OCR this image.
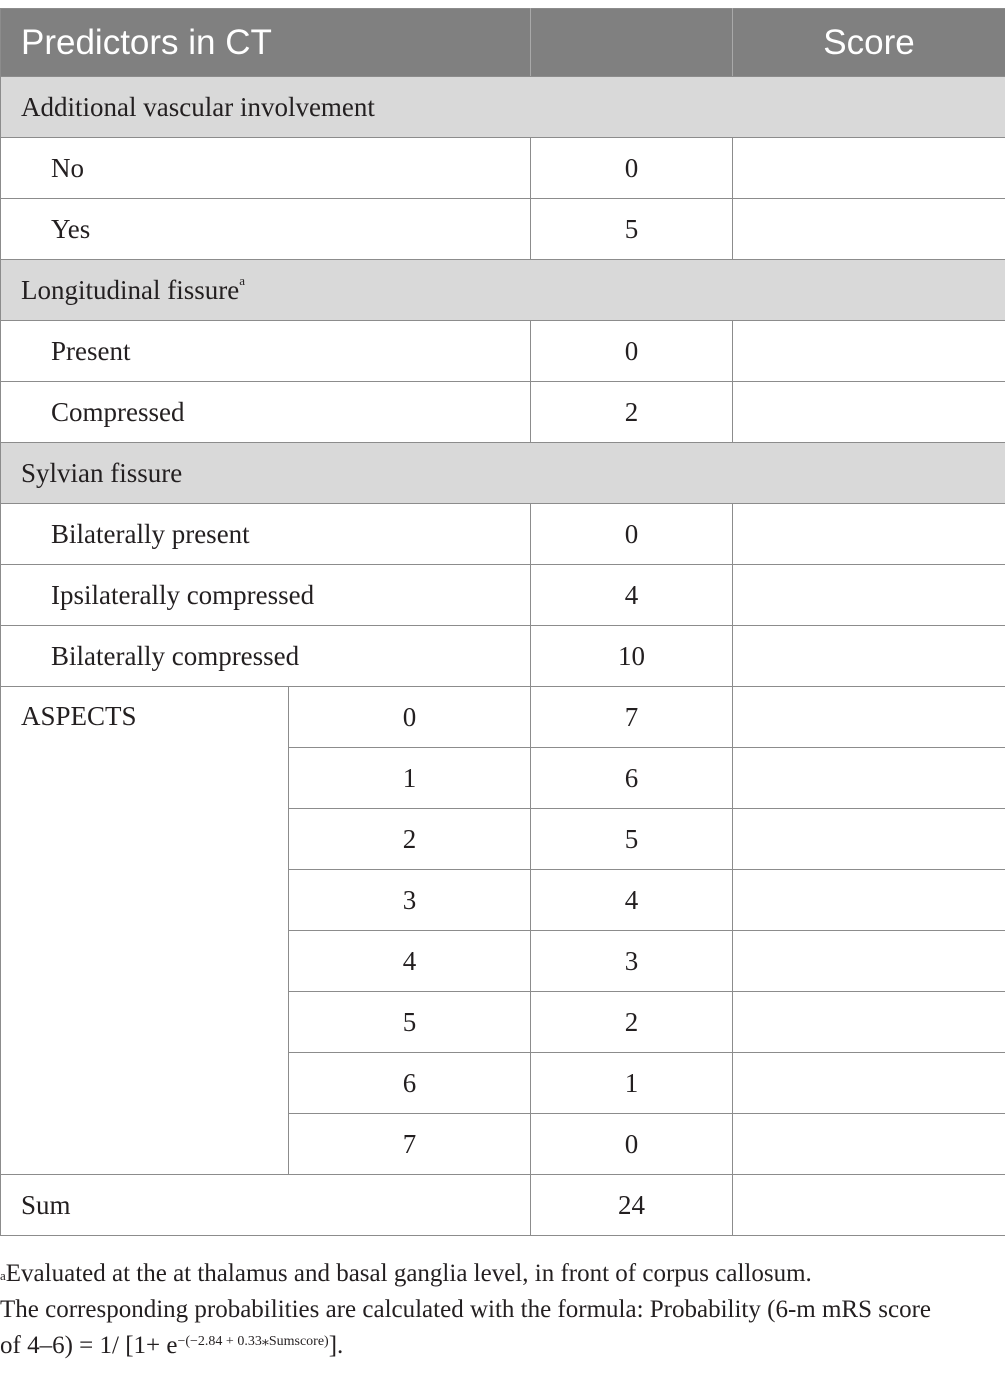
Predictors in CT			Score
Additional vascular involvement			
No		0	
Yes		5	
Longitudinal fissure$^a$
Present		0	
Compressed		2	
Sylvian fissure			
Bilaterally present		0	
Ipsilaterally compressed		4	
Bilaterally compressed		10	
ASPECTS	0	7	
	1	6	
	2	5	
	3	4	
	4	3	
	5	2	
	6	1	
	7	0	
Sum		24	

$^a$Evaluated at the at thalamus and basal ganglia level, in front of corpus callosum.

The corresponding probabilities are calculated with the formula: Probability (6-m mRS score
of 4–6) = 1/ $[1+ e^{-(-2.84 + 0.33⁎Sumscore)}]$.
